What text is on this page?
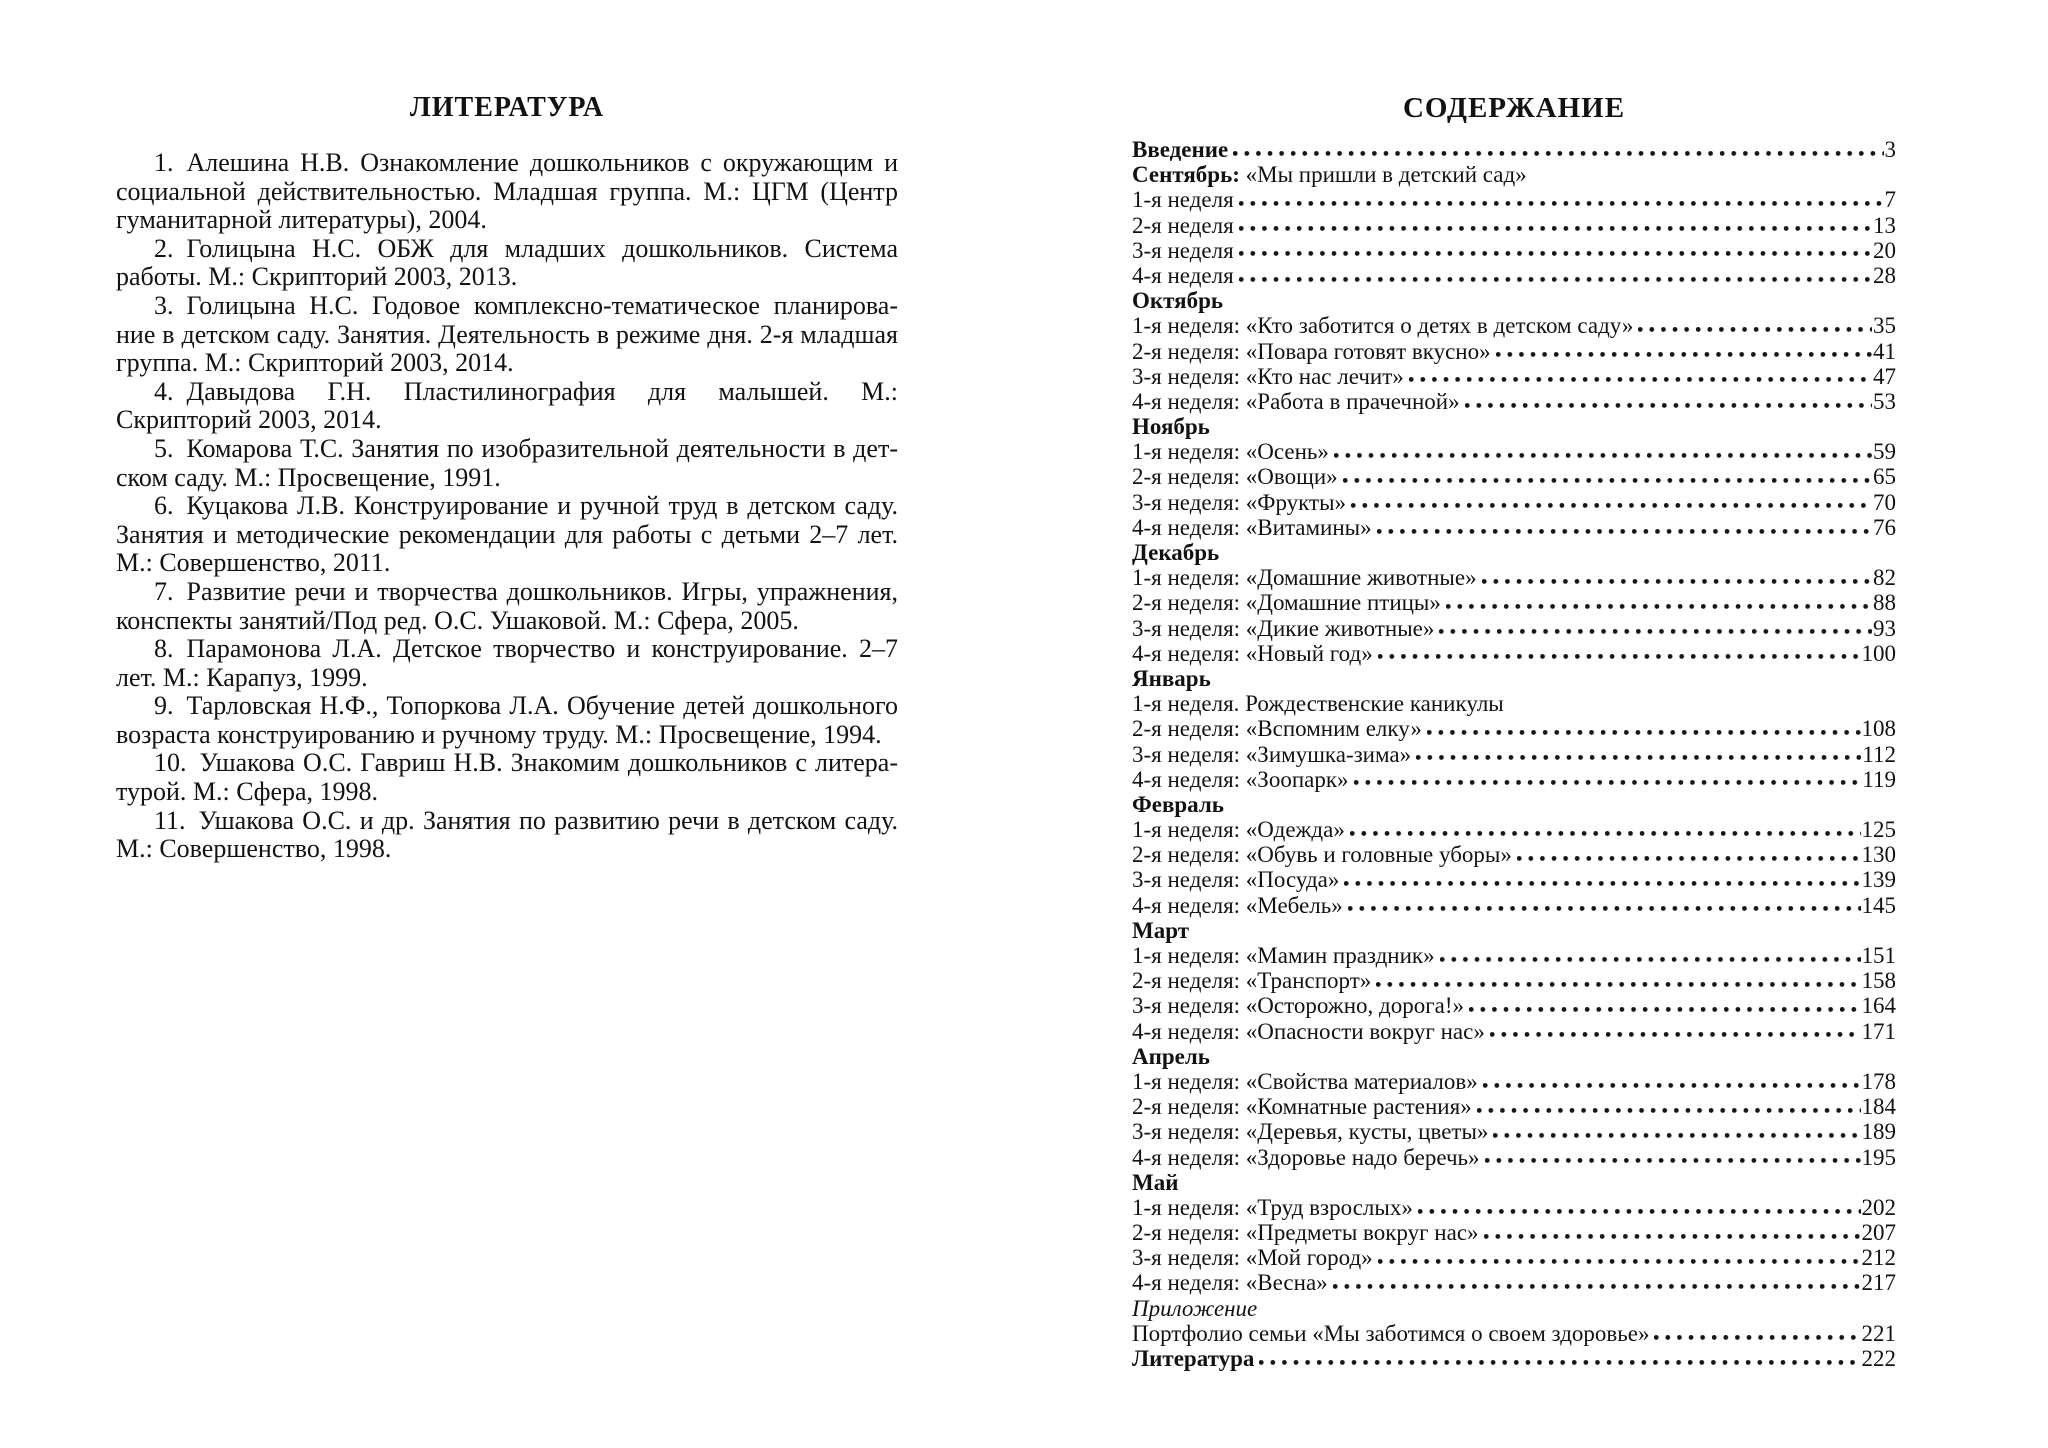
ЛИТЕРАТУРА

1. Алешина Н.В. Ознакомление дошкольников с окружающим и социальной действительностью. Младшая группа. М.: ЦГМ (Центр гуманитарной литературы), 2004.

2. Голицына Н.С. ОБЖ для младших дошкольников. Система работы. М.: Скрипторий 2003, 2013.

3. Голицына Н.С. Годовое комплексно-тематическое планирование в детском саду. Занятия. Деятельность в режиме дня. 2-я младшая группа. М.: Скрипторий 2003, 2014.

4. Давыдова Г.Н. Пластилинография для малышей. М.: Скрипторий 2003, 2014.

5. Комарова Т.С. Занятия по изобразительной деятельности в детском саду. М.: Просвещение, 1991.

6. Куцакова Л.В. Конструирование и ручной труд в детском саду. Занятия и методические рекомендации для работы с детьми 2–7 лет. М.: Совершенство, 2011.

7. Развитие речи и творчества дошкольников. Игры, упражнения, конспекты занятий/Под ред. О.С. Ушаковой. М.: Сфера, 2005.

8. Парамонова Л.А. Детское творчество и конструирование. 2–7 лет. М.: Карапуз, 1999.

9. Тарловская Н.Ф., Топоркова Л.А. Обучение детей дошкольного возраста конструированию и ручному труду. М.: Просвещение, 1994.

10. Ушакова О.С. Гавриш Н.В. Знакомим дошкольников с литературой. М.: Сфера, 1998.

11. Ушакова О.С. и др. Занятия по развитию речи в детском саду. М.: Совершенство, 1998.

СОДЕРЖАНИЕ
Введение	3
Сентябрь: «Мы пришли в детский сад»
1-я неделя	7
2-я неделя	13
3-я неделя	20
4-я неделя	28
Октябрь
1-я неделя: «Кто заботится о детях в детском саду»	35
2-я неделя: «Повара готовят вкусно»	41
3-я неделя: «Кто нас лечит»	47
4-я неделя: «Работа в прачечной»	53
Ноябрь
1-я неделя: «Осень»	59
2-я неделя: «Овощи»	65
3-я неделя: «Фрукты»	70
4-я неделя: «Витамины»	76
Декабрь
1-я неделя: «Домашние животные»	82
2-я неделя: «Домашние птицы»	88
3-я неделя: «Дикие животные»	93
4-я неделя: «Новый год»	100
Январь
1-я неделя. Рождественские каникулы
2-я неделя: «Вспомним елку»	108
3-я неделя: «Зимушка-зима»	112
4-я неделя: «Зоопарк»	119
Февраль
1-я неделя: «Одежда»	125
2-я неделя: «Обувь и головные уборы»	130
3-я неделя: «Посуда»	139
4-я неделя: «Мебель»	145
Март
1-я неделя: «Мамин праздник»	151
2-я неделя: «Транспорт»	158
3-я неделя: «Осторожно, дорога!»	164
4-я неделя: «Опасности вокруг нас»	171
Апрель
1-я неделя: «Свойства материалов»	178
2-я неделя: «Комнатные растения»	184
3-я неделя: «Деревья, кусты, цветы»	189
4-я неделя: «Здоровье надо беречь»	195
Май
1-я неделя: «Труд взрослых»	202
2-я неделя: «Предметы вокруг нас»	207
3-я неделя: «Мой город»	212
4-я неделя: «Весна»	217
Приложение
Портфолио семьи «Мы заботимся о своем здоровье»	221
Литература	222
